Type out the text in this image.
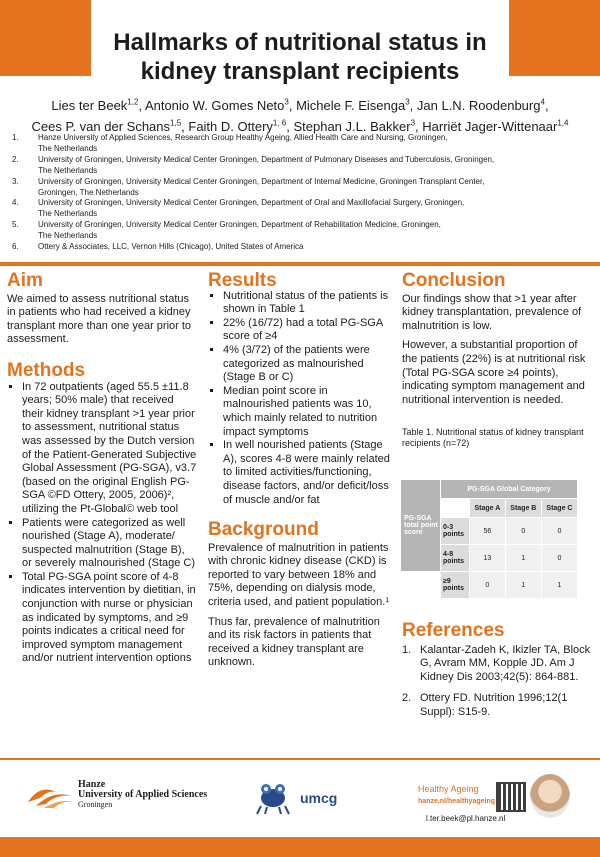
Hallmarks of nutritional status in kidney transplant recipients
Lies ter Beek$^{1,2}$, Antonio W. Gomes Neto$^3$, Michele F. Eisenga$^3$, Jan L.N. Roodenburg$^4$,
Cees P. van der Schans$^{1,5}$, Faith D. Ottery$^{1, 6}$, Stephan J.L. Bakker$^3$, Harriët Jager-Wittenaar$^{1,4}$
1.	Hanze University of Applied Sciences, Research Group Healthy Ageing, Allied Health Care and Nursing, Groningen,
The Netherlands
2.	University of Groningen, University Medical Center Groningen, Department of Pulmonary Diseases and Tuberculosis, Groningen,
The Netherlands
3.	University of Groningen, University Medical Center Groningen, Department of Internal Medicine, Groningen Transplant Center,
Groningen, The Netherlands
4.	University of Groningen, University Medical Center Groningen, Department of Oral and Maxillofacial Surgery, Groningen,
The Netherlands
5.	University of Groningen, University Medical Center Groningen, Department of Rehabilitation Medicine, Groningen,
The Netherlands
6.	Ottery & Associates, LLC, Vernon Hills (Chicago), United States of America
Aim

We aimed to assess nutritional status in patients who had received a kidney transplant more than one year prior to assessment.

Methods
▪ In 72 outpatients (aged 55.5 ±11.8 years; 50% male) that received their kidney transplant >1 year prior to assessment, nutritional status was assessed by the Dutch version of the Patient-Generated Subjective Global Assessment (PG-SGA), v3.7 (based on the original English PG-SGA ©FD Ottery, 2005, 2006)², utilizing the Pt-Global© web tool
▪ Patients were categorized as well nourished (Stage A), moderate/ suspected malnutrition (Stage B), or severely malnourished (Stage C)
▪ Total PG-SGA point score of 4-8 indicates intervention by dietitian, in conjunction with nurse or physician as indicated by symptoms, and ≥9 points indicates a critical need for improved symptom management and/or nutrient intervention options
Results
▪ Nutritional status of the patients is shown in Table 1
▪ 22% (16/72) had a total PG-SGA score of ≥4
▪ 4% (3/72) of the patients were categorized as malnourished (Stage B or C)
▪ Median point score in malnourished patients was 10, which mainly related to nutrition impact symptoms
▪ In well nourished patients (Stage A), scores 4-8 were mainly related to limited activities/functioning, disease factors, and/or deficit/loss of muscle and/or fat
Background

Prevalence of malnutrition in patients with chronic kidney disease (CKD) is reported to vary between 18% and 75%, depending on dialysis mode, criteria used, and patient population.¹

Thus far, prevalence of malnutrition and its risk factors in patients that received a kidney transplant are unknown.

Conclusion

Our findings show that >1 year after kidney transplantation, prevalence of malnutrition is low.

However, a substantial proportion of the patients (22%) is at nutritional risk (Total PG-SGA score ≥4 points), indicating symptom management and nutritional intervention is needed.

Table 1. Nutritional status of kidney transplant recipients (n=72)

PG-SGA total point score	PG-SGA Global Category			
		Stage A	Stage B	Stage C
	0-3 points	56	0	0
	4-8 points	13	1	0
	≥9 points	0	1	1
References
1. Kalantar-Zadeh K, Ikizler TA, Block G, Avram MM, Kopple JD. Am J Kidney Dis 2003;42(5): 864-881.
2. Ottery FD. Nutrition 1996;12(1 Suppl): S15-9.
Hanze
University of Applied Sciences
Groningen	umcg
Healthy Ageing
hanze.nl/healthyageing
l.ter.beek@pl.hanze.nl
